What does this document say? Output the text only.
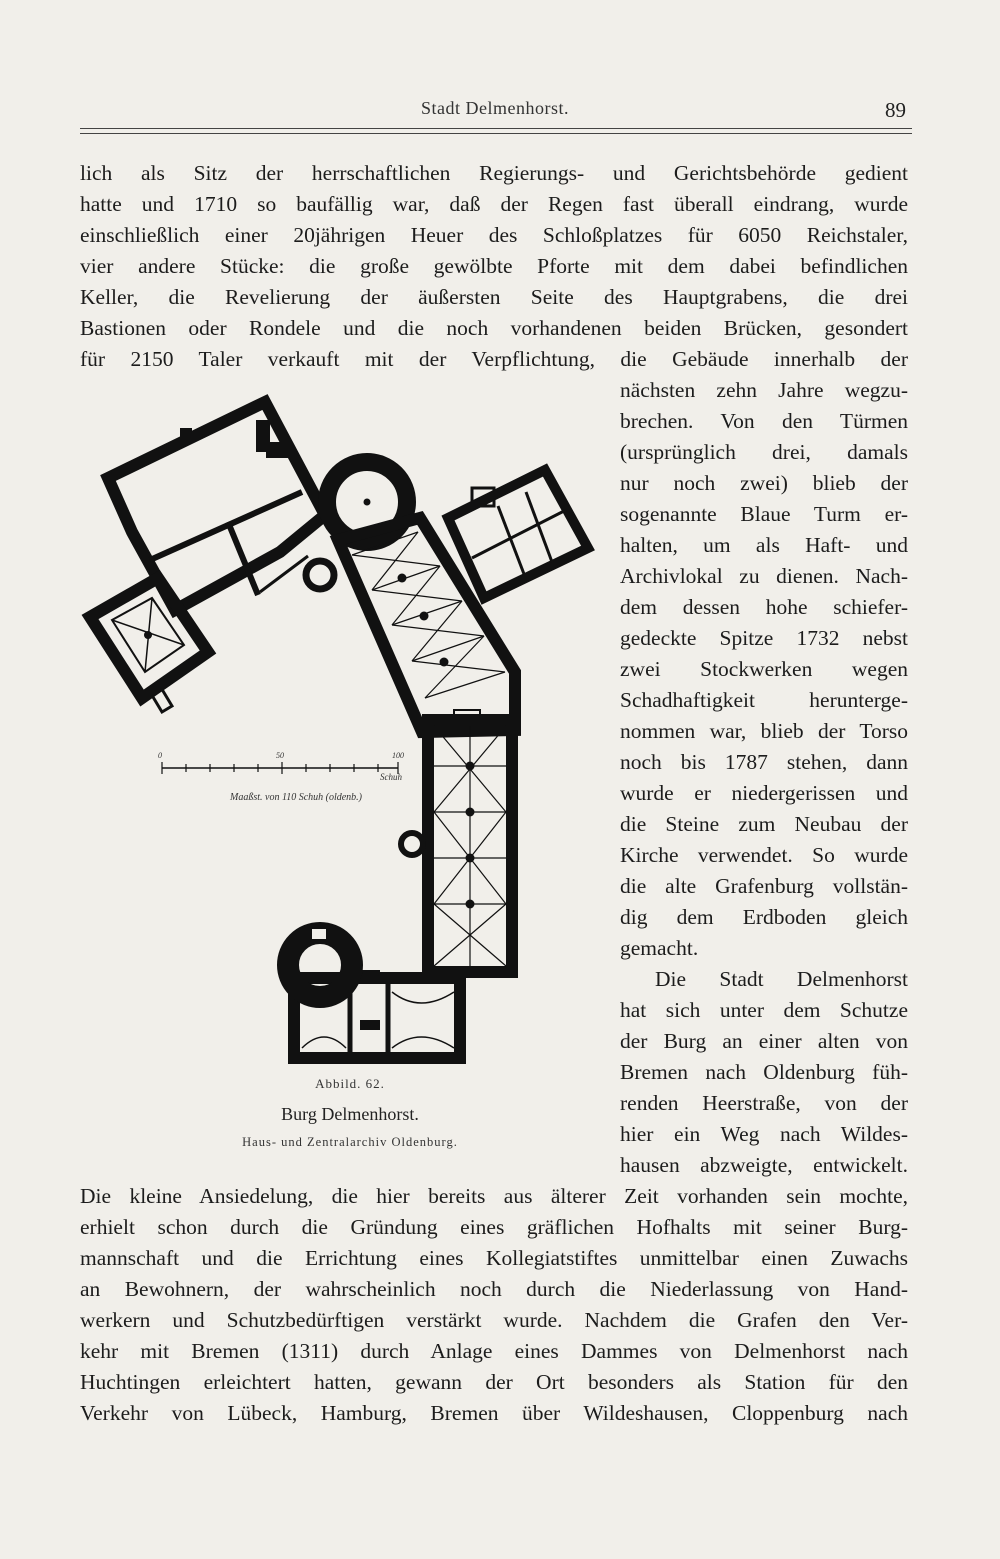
Stadt Delmenhorst.	89
lich als Sitz der herrschaftlichen Regierungs- und Gerichtsbehörde gedient
hatte und 1710 so baufällig war, daß der Regen fast überall eindrang, wurde
einschließlich einer 20jährigen Heuer des Schloßplatzes für 6050 Reichstaler,
vier andere Stücke: die große gewölbte Pforte mit dem dabei befindlichen
Keller, die Revelierung der äußersten Seite des Hauptgrabens, die drei
Bastionen oder Rondele und die noch vorhandenen beiden Brücken, gesondert
für 2150 Taler verkauft mit der Verpflichtung, die Gebäude innerhalb der
nächsten zehn Jahre wegzu-
brechen. Von den Türmen
(ursprünglich drei, damals
nur noch zwei) blieb der
sogenannte Blaue Turm er-
halten, um als Haft- und
Archivlokal zu dienen. Nach-
dem dessen hohe schiefer-
gedeckte Spitze 1732 nebst
zwei Stockwerken wegen
Schadhaftigkeit herunterge-
nommen war, blieb der Torso
noch bis 1787 stehen, dann
wurde er niedergerissen und
die Steine zum Neubau der
Kirche verwendet. So wurde
die alte Grafenburg vollstän-
dig dem Erdboden gleich
gemacht.
Die Stadt Delmenhorst
hat sich unter dem Schutze
der Burg an einer alten von
Bremen nach Oldenburg füh-
renden Heerstraße, von der
hier ein Weg nach Wildes-
hausen abzweigte, entwickelt.
Die kleine Ansiedelung, die hier bereits aus älterer Zeit vorhanden sein mochte,
erhielt schon durch die Gründung eines gräflichen Hofhalts mit seiner Burg-
mannschaft und die Errichtung eines Kollegiatstiftes unmittelbar einen Zuwachs
an Bewohnern, der wahrscheinlich noch durch die Niederlassung von Hand-
werkern und Schutzbedürftigen verstärkt wurde. Nachdem die Grafen den Ver-
kehr mit Bremen (1311) durch Anlage eines Dammes von Delmenhorst nach
Huchtingen erleichtert hatten, gewann der Ort besonders als Station für den
Verkehr von Lübeck, Hamburg, Bremen über Wildeshausen, Cloppenburg nach
0	50	100
Schuh
Maaßst. von 110 Schuh (oldenb.)
Abbild. 62.
Burg Delmenhorst.
Haus- und Zentralarchiv Oldenburg.
